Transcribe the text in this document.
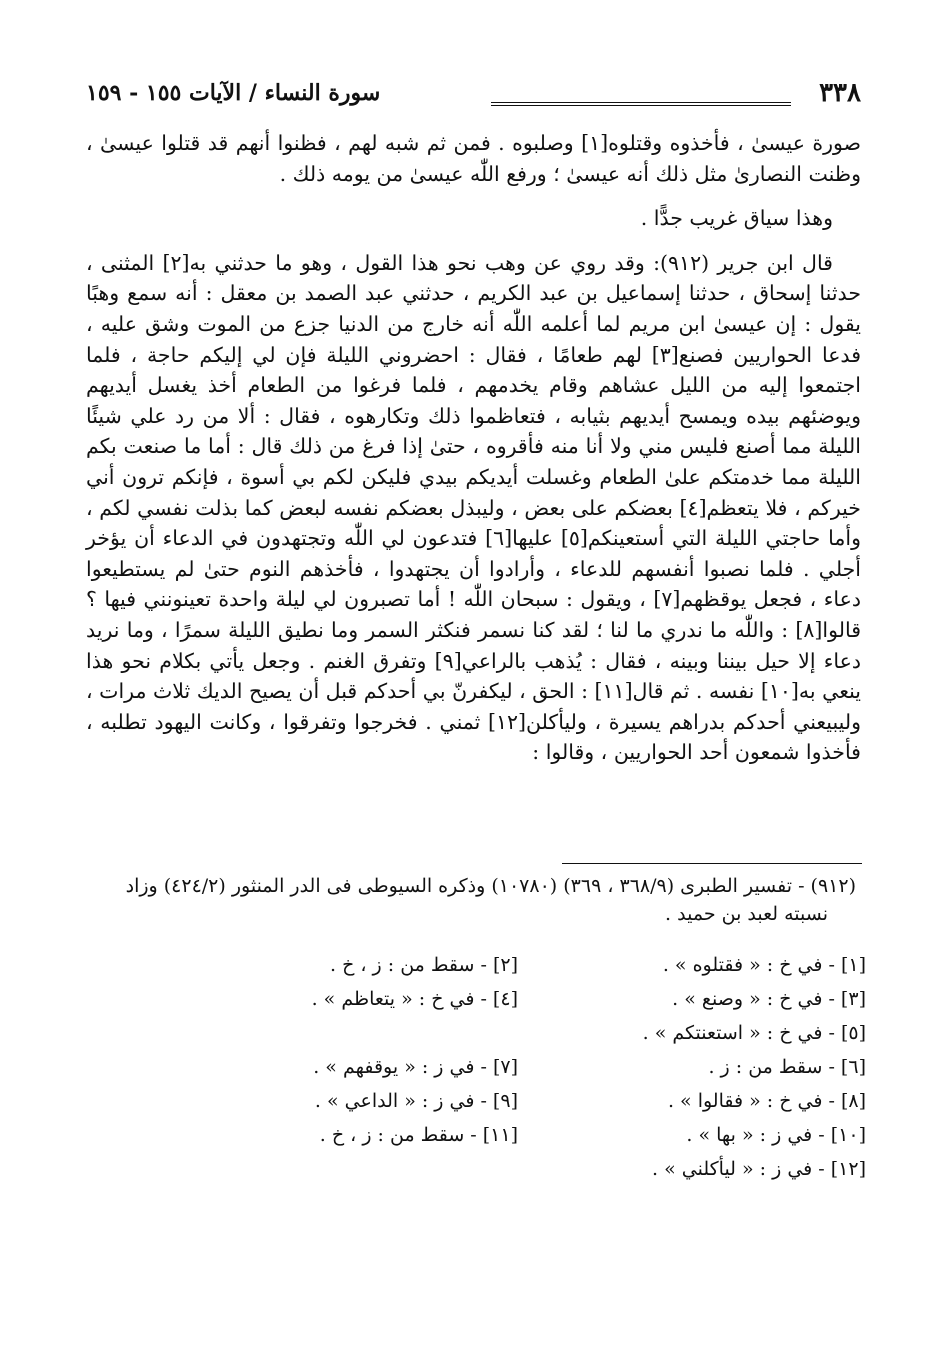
٣٣٨
سورة النساء / الآيات ١٥٥ - ١٥٩

صورة عيسىٰ ، فأخذوه وقتلوه[١] وصلبوه . فمن ثم شبه لهم ، فظنوا أنهم قد قتلوا عيسىٰ ، وظنت النصارىٰ مثل ذلك أنه عيسىٰ ؛ ورفع اللّٰه عيسىٰ من يومه ذلك .

وهذا سياق غريب جدًّا .

قال ابن جرير (٩١٢): وقد روي عن وهب نحو هذا القول ، وهو ما حدثني به[٢] المثنى ، حدثنا إسحاق ، حدثنا إسماعيل بن عبد الكريم ، حدثني عبد الصمد بن معقل : أنه سمع وهبًا يقول : إن عيسىٰ ابن مريم لما أعلمه اللّٰه أنه خارج من الدنيا جزع من الموت وشق عليه ، فدعا الحواريين فصنع[٣] لهم طعامًا ، فقال : احضروني الليلة فإن لي إليكم حاجة ، فلما اجتمعوا إليه من الليل عشاهم وقام يخدمهم ، فلما فرغوا من الطعام أخذ يغسل أيديهم ويوضئهم بيده ويمسح أيديهم بثيابه ، فتعاظموا ذلك وتكارهوه ، فقال : ألا من رد علي شيئًا الليلة مما أصنع فليس مني ولا أنا منه فأقروه ، حتىٰ إذا فرغ من ذلك قال : أما ما صنعت بكم الليلة مما خدمتكم علىٰ الطعام وغسلت أيديكم بيدي فليكن لكم بي أسوة ، فإنكم ترون أني خيركم ، فلا يتعظم[٤] بعضكم على بعض ، وليبذل بعضكم نفسه لبعض كما بذلت نفسي لكم ، وأما حاجتي الليلة التي أستعينكم[٥] عليها[٦] فتدعون لي اللّٰه وتجتهدون في الدعاء أن يؤخر أجلي . فلما نصبوا أنفسهم للدعاء ، وأرادوا أن يجتهدوا ، فأخذهم النوم حتىٰ لم يستطيعوا دعاء ، فجعل يوقظهم[٧] ، ويقول : سبحان اللّٰه ! أما تصبرون لي ليلة واحدة تعينونني فيها ؟ قالوا[٨] : واللّٰه ما ندري ما لنا ؛ لقد كنا نسمر فنكثر السمر وما نطيق الليلة سمرًا ، وما نريد دعاء إلا حيل بيننا وبينه ، فقال : يُذهب بالراعي[٩] وتفرق الغنم . وجعل يأتي بكلام نحو هذا ينعي به[١٠] نفسه . ثم قال[١١] : الحق ، ليكفرنّ بي أحدكم قبل أن يصيح الديك ثلاث مرات ، وليبيعني أحدكم بدراهم يسيرة ، وليأكلن[١٢] ثمني . فخرجوا وتفرقوا ، وكانت اليهود تطلبه ، فأخذوا شمعون أحد الحواريين ، وقالوا :

(٩١٢) - تفسير الطبرى (٣٦٨/٩ ، ٣٦٩) (١٠٧٨٠) وذكره السيوطى فى الدر المنثور (٤٢٤/٢) وزاد

نسبته لعبد بن حميد .

[١] - في خ : « فقتلوه » .
[٢] - سقط من : ز ، خ .
[٣] - في خ : « وصنع » .
[٤] - في خ : « يتعاظم » .
[٥] - في خ : « استعنتكم » .
[٦] - سقط من : ز .
[٧] - في ز : « يوقفهم » .
[٨] - في خ : « فقالوا » .
[٩] - في ز : « الداعي » .
[١٠] - في ز : « بها » .
[١١] - سقط من : ز ، خ .
[١٢] - في ز : « ليأكلني » .
